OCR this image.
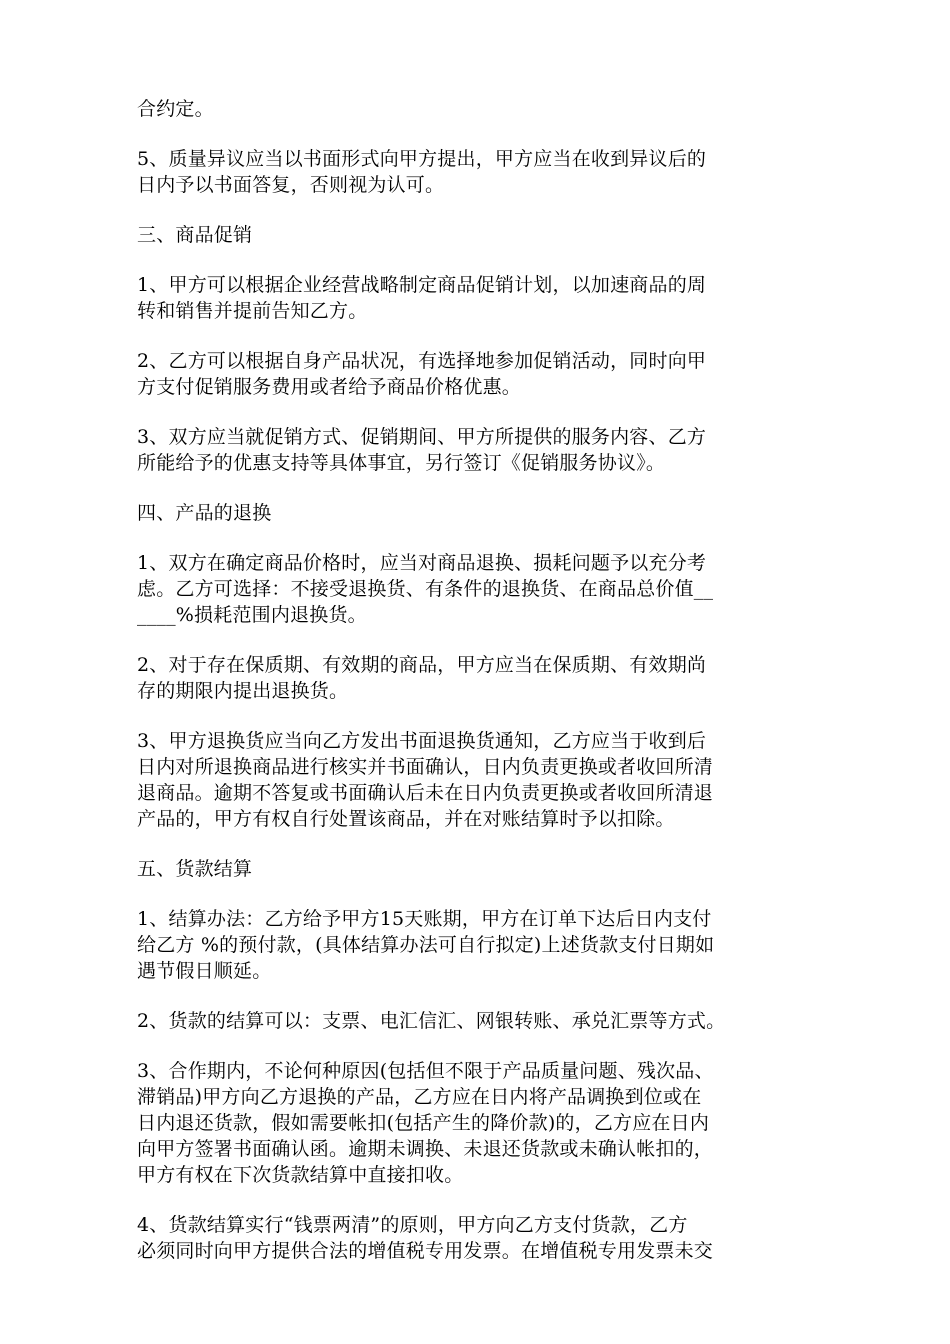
合约定。

5、质量异议应当以书面形式向甲方提出，甲方应当在收到异议后的
日内予以书面答复，否则视为认可。

三、商品促销

1、甲方可以根据企业经营战略制定商品促销计划，以加速商品的周
转和销售并提前告知乙方。

2、乙方可以根据自身产品状况，有选择地参加促销活动，同时向甲
方支付促销服务费用或者给予商品价格优惠。

3、双方应当就促销方式、促销期间、甲方所提供的服务内容、乙方
所能给予的优惠支持等具体事宜，另行签订《促销服务协议》。

四、产品的退换

1、双方在确定商品价格时，应当对商品退换、损耗问题予以充分考
虑。乙方可选择：不接受退换货、有条件的退换货、在商品总价值__
____%损耗范围内退换货。

2、对于存在保质期、有效期的商品，甲方应当在保质期、有效期尚
存的期限内提出退换货。

3、甲方退换货应当向乙方发出书面退换货通知，乙方应当于收到后
日内对所退换商品进行核实并书面确认，日内负责更换或者收回所清
退商品。逾期不答复或书面确认后未在日内负责更换或者收回所清退
产品的，甲方有权自行处置该商品，并在对账结算时予以扣除。

五、货款结算

1、结算办法：乙方给予甲方15天账期，甲方在订单下达后日内支付
给乙方 %的预付款，(具体结算办法可自行拟定)上述货款支付日期如
遇节假日顺延。

2、货款的结算可以：支票、电汇信汇、网银转账、承兑汇票等方式。

3、合作期内，不论何种原因(包括但不限于产品质量问题、残次品、
滞销品)甲方向乙方退换的产品，乙方应在日内将产品调换到位或在
日内退还货款，假如需要帐扣(包括产生的降价款)的，乙方应在日内
向甲方签署书面确认函。逾期未调换、未退还货款或未确认帐扣的，
甲方有权在下次货款结算中直接扣收。

4、货款结算实行“钱票两清”的原则，甲方向乙方支付货款，乙方
必须同时向甲方提供合法的增值税专用发票。在增值税专用发票未交
